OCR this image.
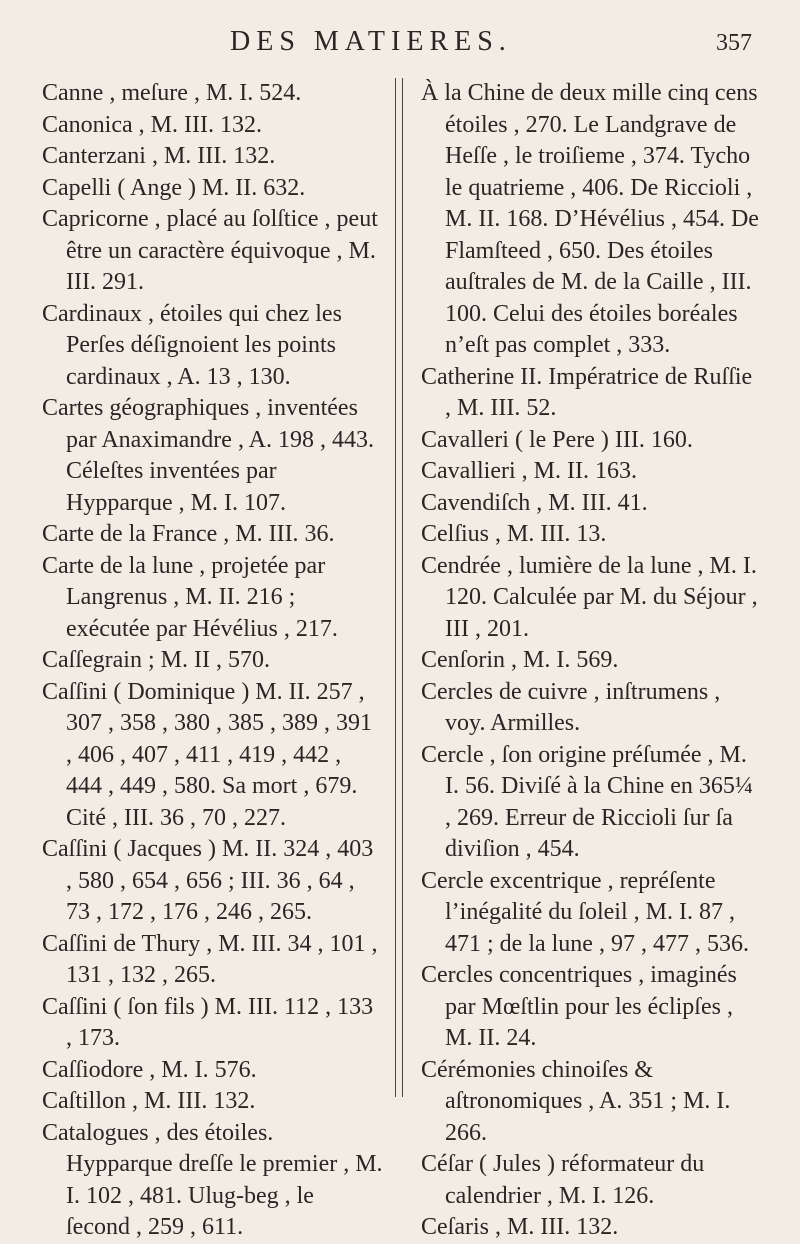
DES MATIERES.	357

Canne , meſure , M. I. 524.

Canonica , M. III. 132.

Canterzani , M. III. 132.

Capelli ( Ange ) M. II. 632.

Capricorne , placé au ſolſtice , peut être un caractère équivoque , M. III. 291.

Cardinaux , étoiles qui chez les Perſes déſignoient les points cardinaux , A. 13 , 130.

Cartes géographiques , inventées par Anaximandre , A. 198 , 443. Céleſtes inventées par Hypparque , M. I. 107.

Carte de la France , M. III. 36.

Carte de la lune , projetée par Langrenus , M. II. 216 ; exécutée par Hévélius , 217.

Caſſegrain ; M. II , 570.

Caſſini ( Dominique ) M. II. 257 , 307 , 358 , 380 , 385 , 389 , 391 , 406 , 407 , 411 , 419 , 442 , 444 , 449 , 580. Sa mort , 679. Cité , III. 36 , 70 , 227.

Caſſini ( Jacques ) M. II. 324 , 403 , 580 , 654 , 656 ; III. 36 , 64 , 73 , 172 , 176 , 246 , 265.

Caſſini de Thury , M. III. 34 , 101 , 131 , 132 , 265.

Caſſini ( ſon fils ) M. III. 112 , 133 , 173.

Caſſiodore , M. I. 576.

Caſtillon , M. III. 132.

Catalogues , des étoiles. Hypparque dreſſe le premier , M. I. 102 , 481. Ulug-beg , le ſecond , 259 , 611.

À la Chine de deux mille cinq cens étoiles , 270. Le Landgrave de Heſſe , le troiſieme , 374. Tycho le quatrieme , 406. De Riccioli , M. II. 168. D’Hévélius , 454. De Flamſteed , 650. Des étoiles auſtrales de M. de la Caille , III. 100. Celui des étoiles boréales n’eſt pas complet , 333.

Catherine II. Impératrice de Ruſſie , M. III. 52.

Cavalleri ( le Pere ) III. 160.

Cavallieri , M. II. 163.

Cavendiſch , M. III. 41.

Celſius , M. III. 13.

Cendrée , lumière de la lune , M. I. 120. Calculée par M. du Séjour , III , 201.

Cenſorin , M. I. 569.

Cercles de cuivre , inſtrumens , voy. Armilles.

Cercle , ſon origine préſumée , M. I. 56. Diviſé à la Chine en 365¼ , 269. Erreur de Riccioli ſur ſa diviſion , 454.

Cercle excentrique , repréſente l’inégalité du ſoleil , M. I. 87 , 471 ; de la lune , 97 , 477 , 536.

Cercles concentriques , imaginés par Mœſtlin pour les éclipſes , M. II. 24.

Cérémonies chinoiſes & aſtronomiques , A. 351 ; M. I. 266.

Céſar ( Jules ) réformateur du calendrier , M. I. 126.

Ceſaris , M. III. 132.
